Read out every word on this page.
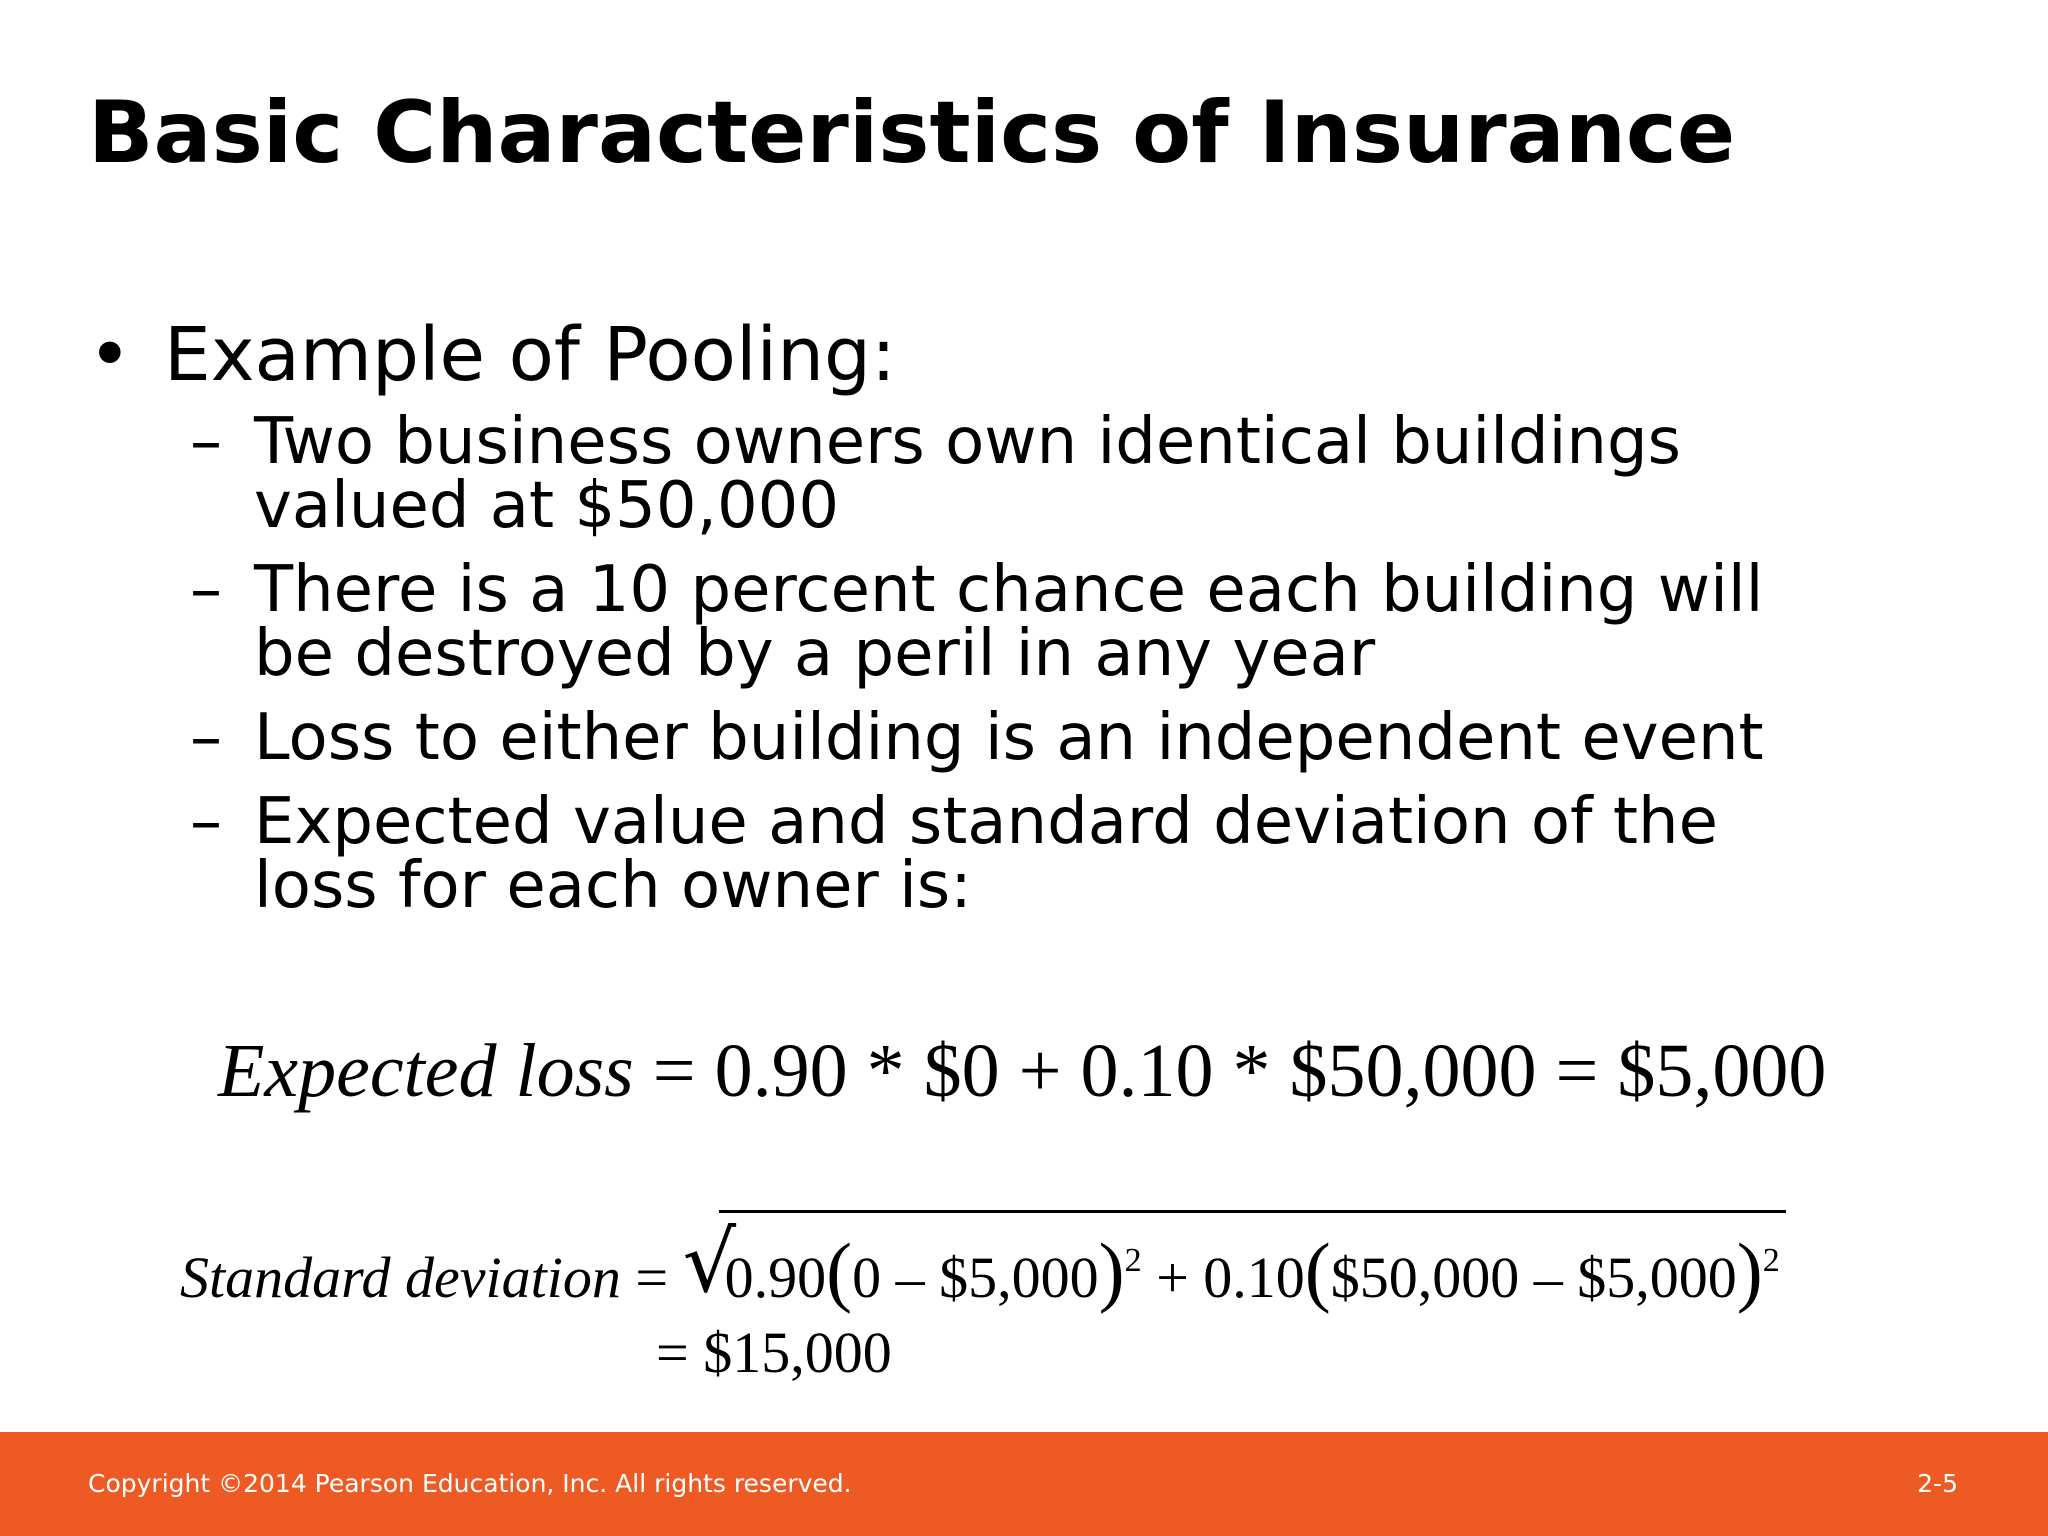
Basic Characteristics of Insurance
• Example of Pooling:
– Two business owners own identical buildings
valued at $50,000
– There is a 10 percent chance each building will
be destroyed by a peril in any year
– Loss to either building is an independent event
– Expected value and standard deviation of the
loss for each owner is:
Expected loss = 0.90 * $0 + 0.10 * $50,000 = $5,000
Standard deviation = √
0.90(0 – $5,000)$^2$ + 0.10($50,000 – $5,000)$^2$
= $15,000
Copyright ©2014 Pearson Education, Inc. All rights reserved.	2-5
